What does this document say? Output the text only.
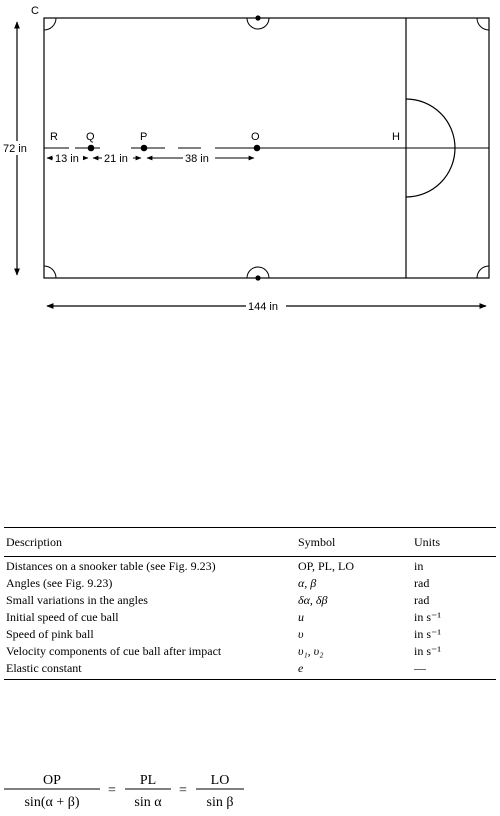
R	Q	P	O	H
C
13 in 21 in	38 in
72 in
144 in
Description	Symbol	Units
Distances on a snooker table (see Fig. 9.23)	OP, PL, LO	in
Angles (see Fig. 9.23)	α, β	rad
Small variations in the angles	δα, δβ	rad
Initial speed of cue ball	u	in s⁻¹
Speed of pink ball	υ	in s⁻¹
Velocity components of cue ball after impact	υ₁, υ₂	in s⁻¹
Elastic constant	e	—
OP
sin(α + β)
=
PL
sin α
=
LO
sin β
